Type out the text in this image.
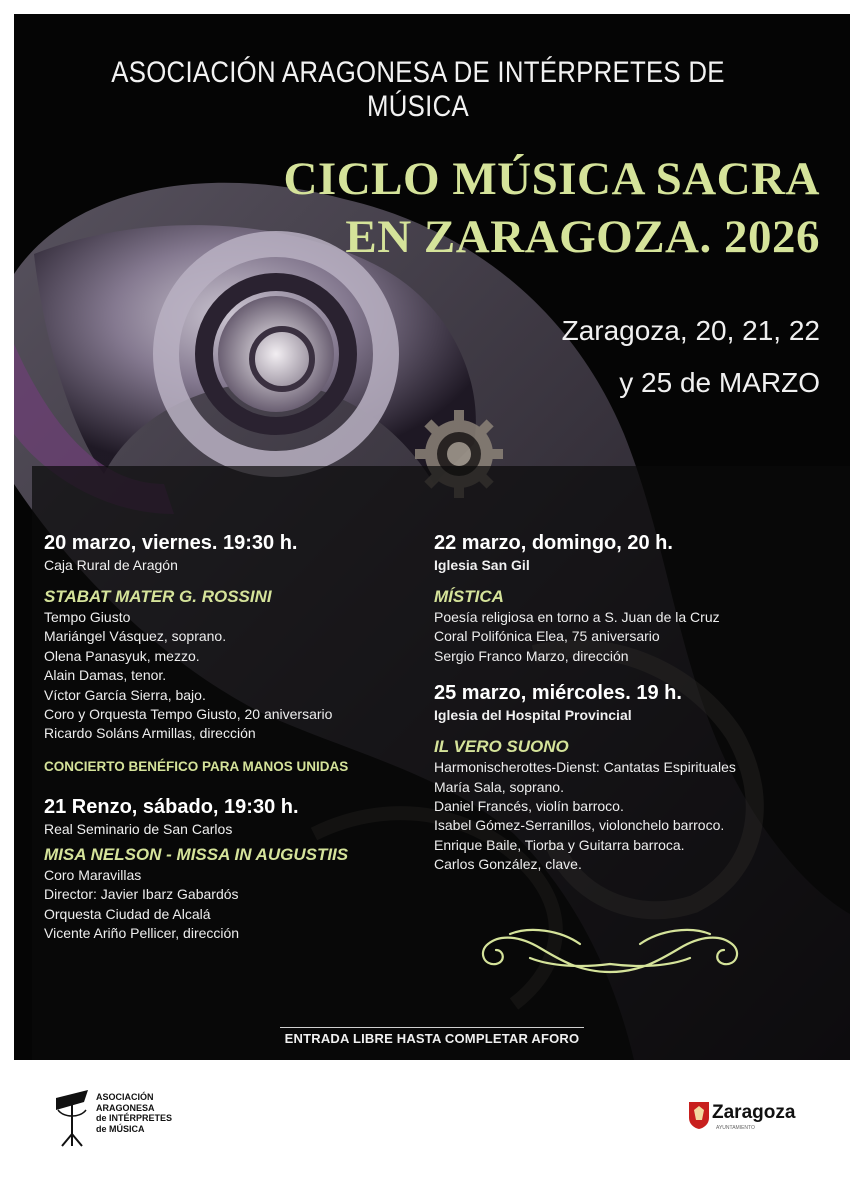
ASOCIACIÓN ARAGONESA DE INTÉRPRETES DE MÚSICA
CICLO MÚSICA SACRA
EN ZARAGOZA. 2026
Zaragoza, 20, 21, 22
y 25 de MARZO

20 marzo, viernes. 19:30 h.

Caja Rural de Aragón

STABAT MATER G. ROSSINI

Tempo Giusto
Mariángel Vásquez, soprano.
Olena Panasyuk, mezzo.
Alain Damas, tenor.
Víctor García Sierra, bajo.
Coro y Orquesta Tempo Giusto, 20 aniversario
Ricardo Soláns Armillas, dirección

CONCIERTO BENÉFICO PARA MANOS UNIDAS

21 Renzo, sábado, 19:30 h.

Real Seminario de San Carlos

MISA NELSON - MISSA IN AUGUSTIIS

Coro Maravillas
Director: Javier Ibarz Gabardós
Orquesta Ciudad de Alcalá
Vicente Ariño Pellicer, dirección

22 marzo, domingo, 20 h.

Iglesia San Gil

MÍSTICA

Poesía religiosa en torno a S. Juan de la Cruz
Coral Polifónica Elea, 75 aniversario
Sergio Franco Marzo, dirección

25 marzo, miércoles. 19 h.

Iglesia del Hospital Provincial

IL VERO SUONO

Harmonischerottes-Dienst: Cantatas Espirituales
María Sala, soprano.
Daniel Francés, violín barroco.
Isabel Gómez-Serranillos, violonchelo barroco.
Enrique Baile, Tiorba y Guitarra barroca.
Carlos González, clave.
ENTRADA LIBRE HASTA COMPLETAR AFORO
ASOCIACIÓN
ARAGONESA
de INTÉRPRETES
de MÚSICA
Zaragoza
AYUNTAMIENTO
